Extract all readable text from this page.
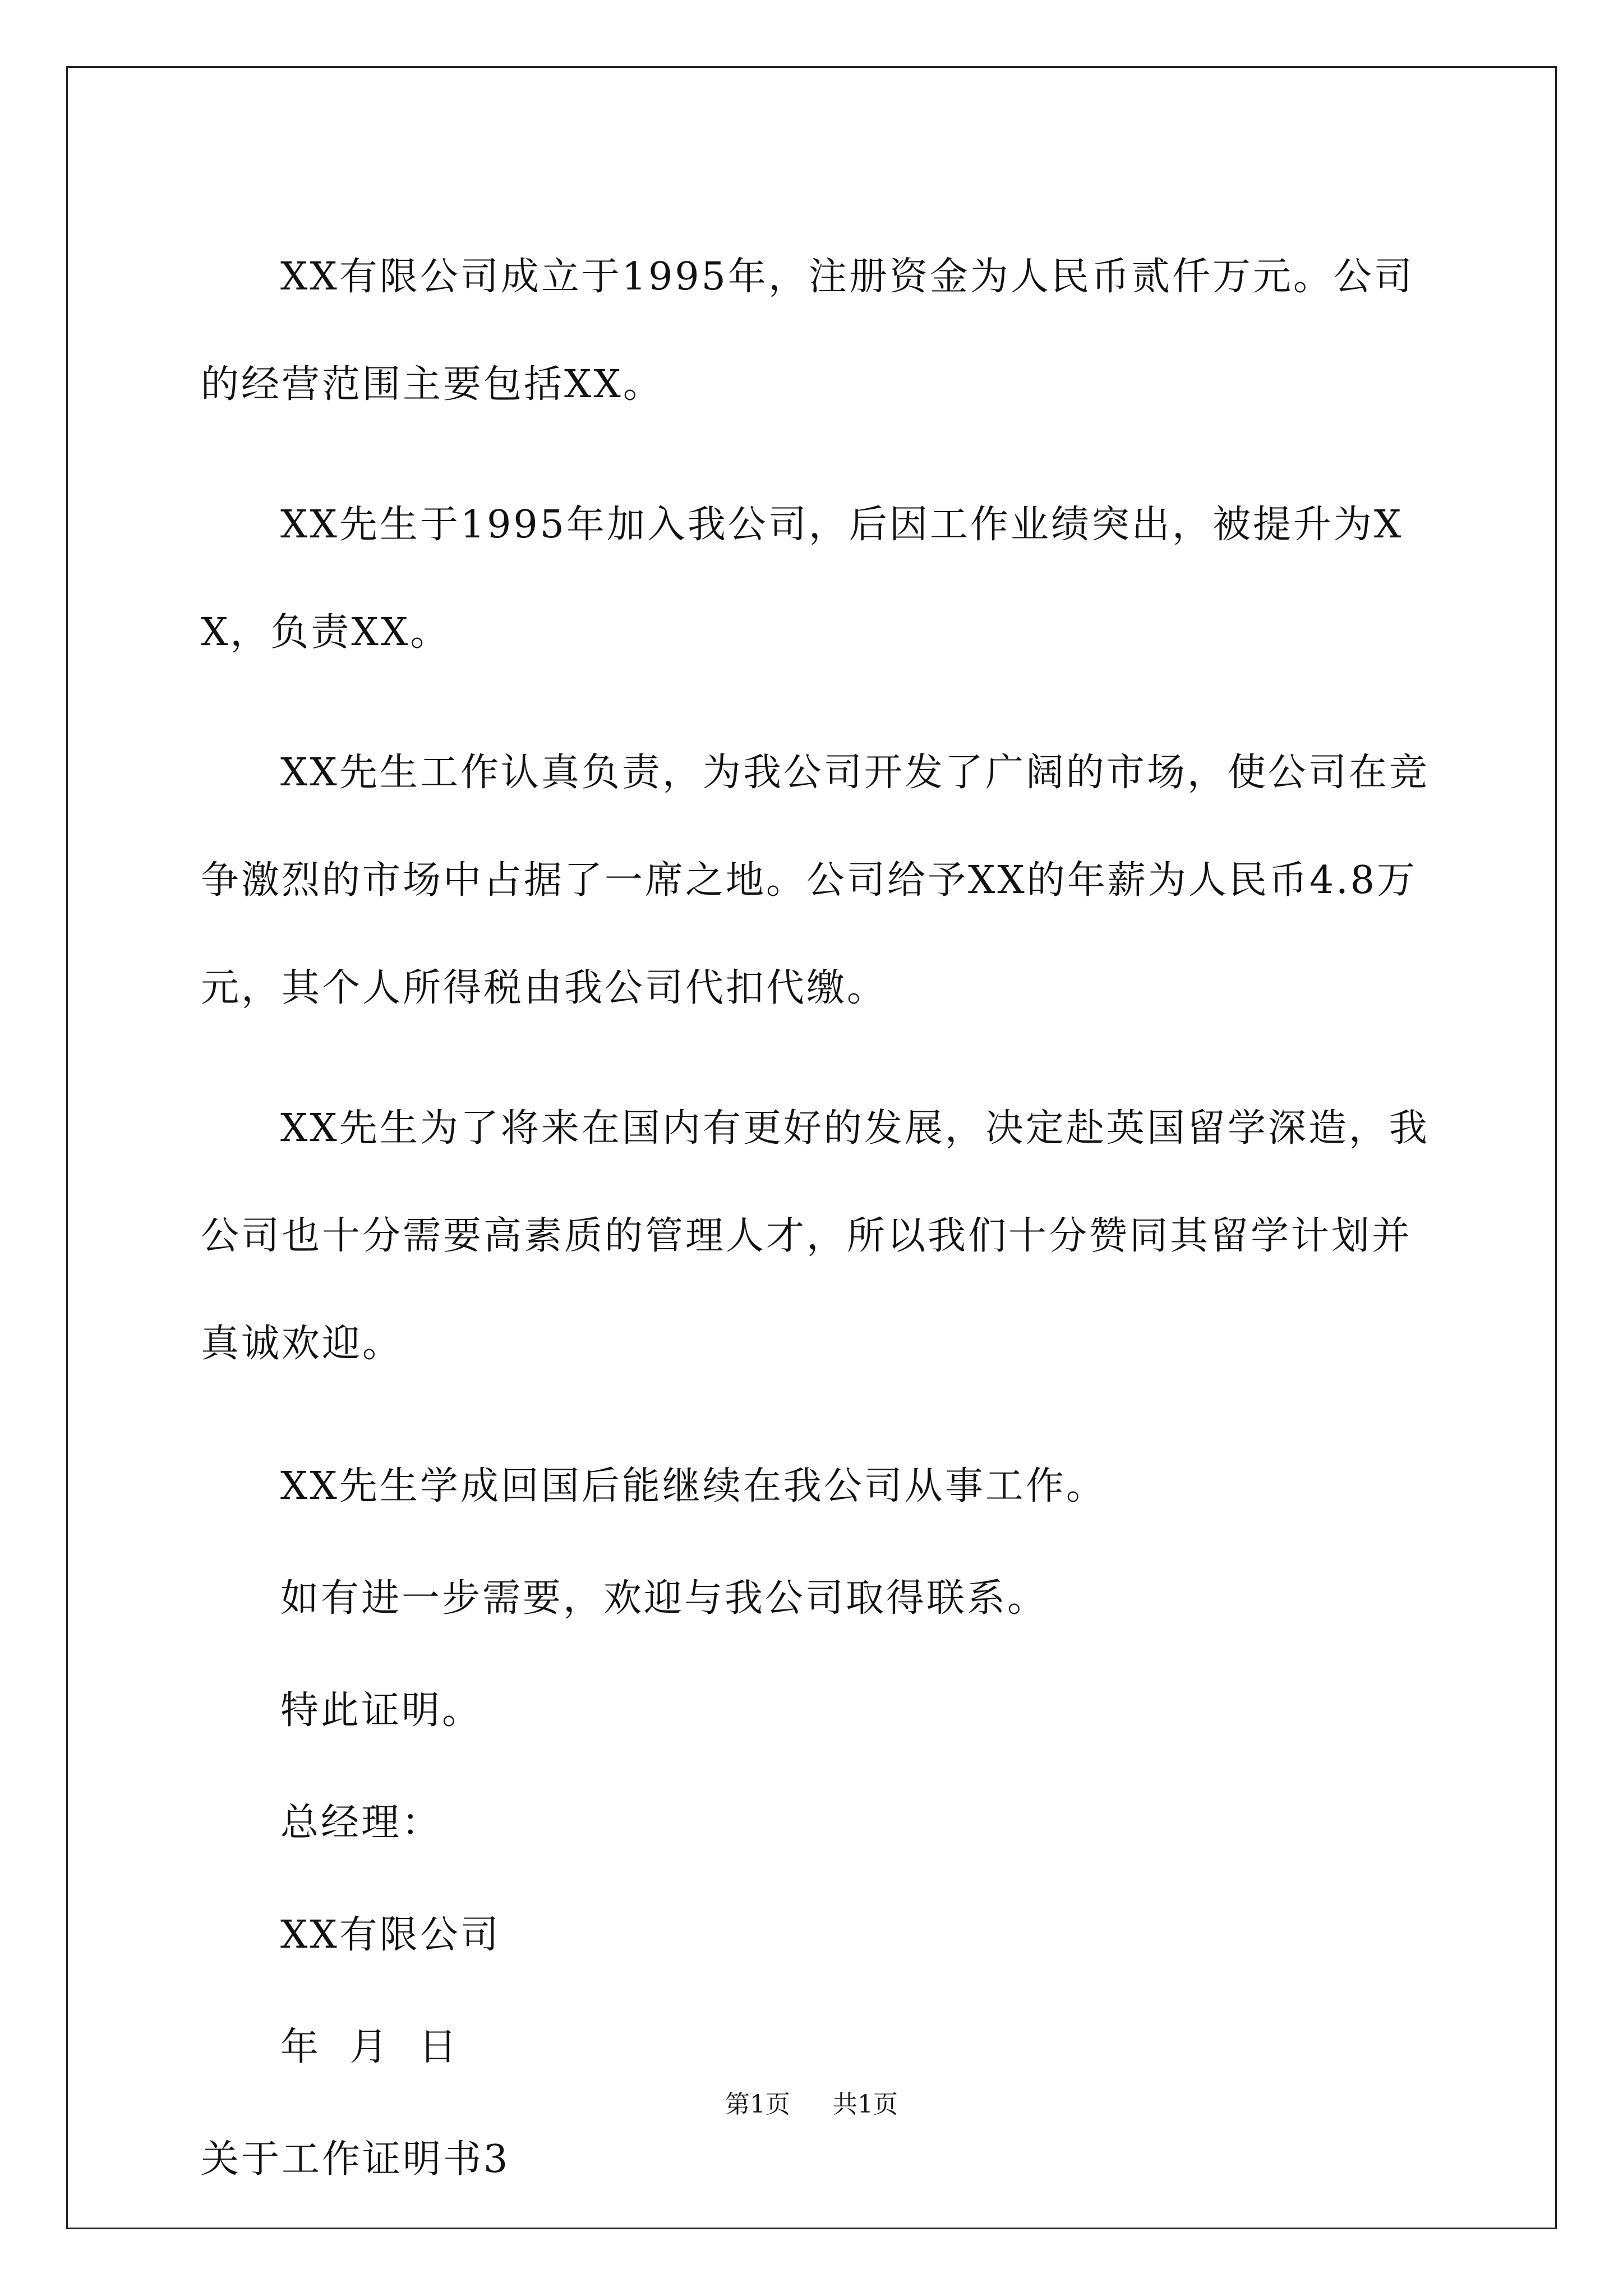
XX有限公司成立于1995年，注册资金为人民币贰仟万元。公司的经营范围主要包括XX。

XX先生于1995年加入我公司，后因工作业绩突出，被提升为XX，负责XX。

XX先生工作认真负责，为我公司开发了广阔的市场，使公司在竞争激烈的市场中占据了一席之地。公司给予XX的年薪为人民币4.8万元，其个人所得税由我公司代扣代缴。

XX先生为了将来在国内有更好的发展，决定赴英国留学深造，我公司也十分需要高素质的管理人才，所以我们十分赞同其留学计划并真诚欢迎。

XX先生学成回国后能继续在我公司从事工作。

如有进一步需要，欢迎与我公司取得联系。

特此证明。

总经理：

XX有限公司

年  月  日

关于工作证明书3

第1页 共1页
